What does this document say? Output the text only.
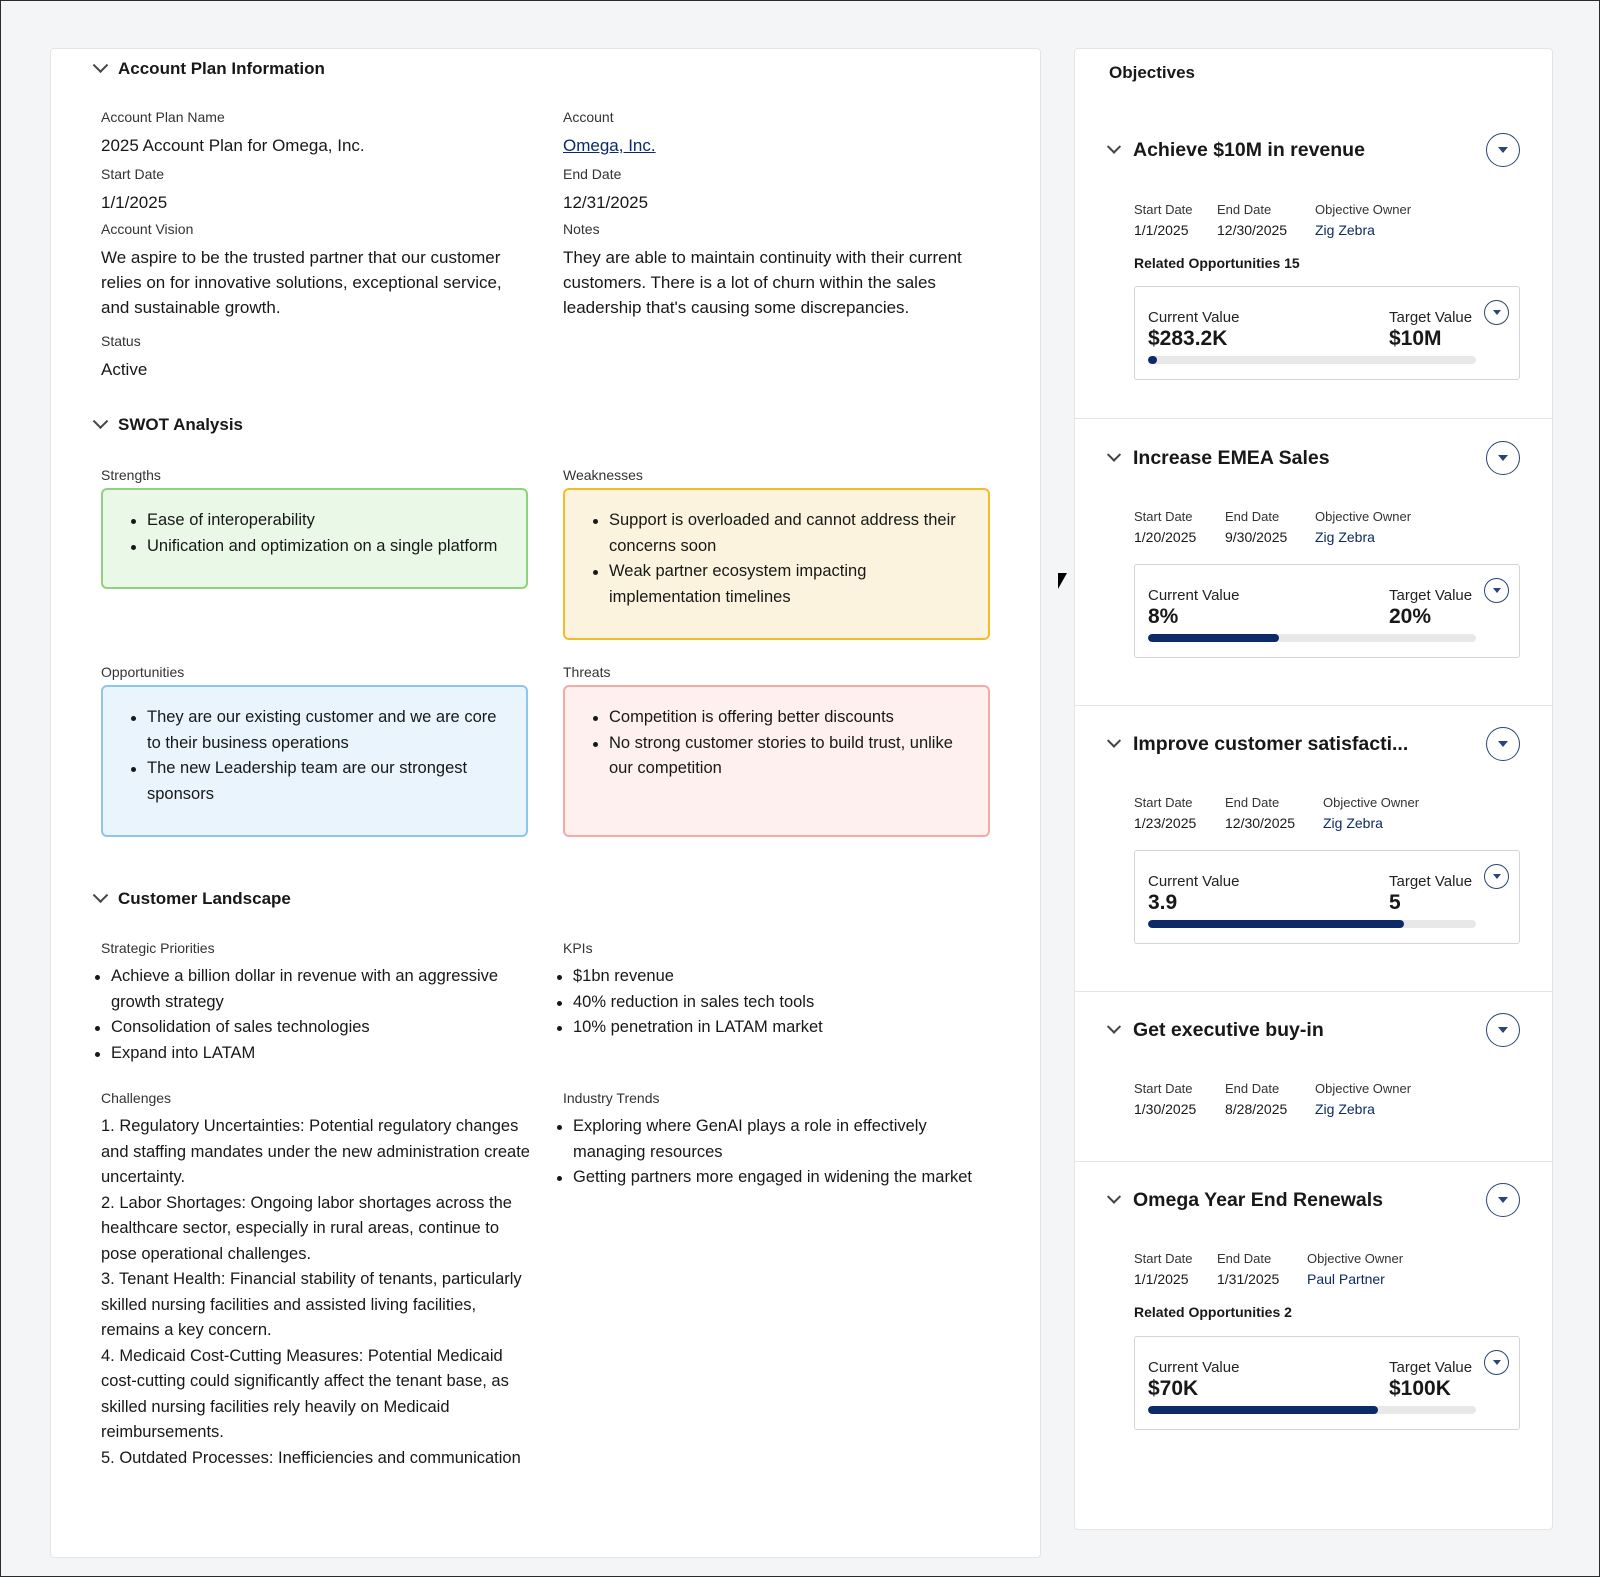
Account Plan Information
Account Plan Name
2025 Account Plan for Omega, Inc.
Account
Omega, Inc.
Start Date
1/1/2025
End Date
12/31/2025
Account Vision
We aspire to be the trusted partner that our customer relies on for innovative solutions, exceptional service, and sustainable growth.
Notes
They are able to maintain continuity with their current customers. There is a lot of churn within the sales leadership that's causing some discrepancies.
Status
Active
SWOT Analysis
Strengths
Ease of interoperability
Unification and optimization on a single platform
Weaknesses
Support is overloaded and cannot address their concerns soon
Weak partner ecosystem impacting implementation timelines
Opportunities
They are our existing customer and we are core to their business operations
The new Leadership team are our strongest sponsors
Threats
Competition is offering better discounts
No strong customer stories to build trust, unlike our competition
Customer Landscape
Strategic Priorities
Achieve a billion dollar in revenue with an aggressive growth strategy
Consolidation of sales technologies
Expand into LATAM
KPIs
$1bn revenue
40% reduction in sales tech tools
10% penetration in LATAM market
Challenges
1. Regulatory Uncertainties: Potential regulatory changes and staffing mandates under the new administration create uncertainty.
2. Labor Shortages: Ongoing labor shortages across the healthcare sector, especially in rural areas, continue to pose operational challenges.
3. Tenant Health: Financial stability of tenants, particularly skilled nursing facilities and assisted living facilities, remains a key concern.
4. Medicaid Cost-Cutting Measures: Potential Medicaid cost-cutting could significantly affect the tenant base, as skilled nursing facilities rely heavily on Medicaid reimbursements.
5. Outdated Processes: Inefficiencies and communication
Industry Trends
Exploring where GenAI plays a role in effectively managing resources
Getting partners more engaged in widening the market
Objectives
Achieve $10M in revenue
Start Date
1/1/2025
End Date
12/30/2025
Objective Owner
Zig Zebra
Related Opportunities 15
Current Value
$283.2K
Target Value
$10M
Increase EMEA Sales
Start Date
1/20/2025
End Date
9/30/2025
Objective Owner
Zig Zebra
Current Value
8%
Target Value
20%
Improve customer satisfacti...
Start Date
1/23/2025
End Date
12/30/2025
Objective Owner
Zig Zebra
Current Value
3.9
Target Value
5
Get executive buy-in
Start Date
1/30/2025
End Date
8/28/2025
Objective Owner
Zig Zebra
Omega Year End Renewals
Start Date
1/1/2025
End Date
1/31/2025
Objective Owner
Paul Partner
Related Opportunities 2
Current Value
$70K
Target Value
$100K
